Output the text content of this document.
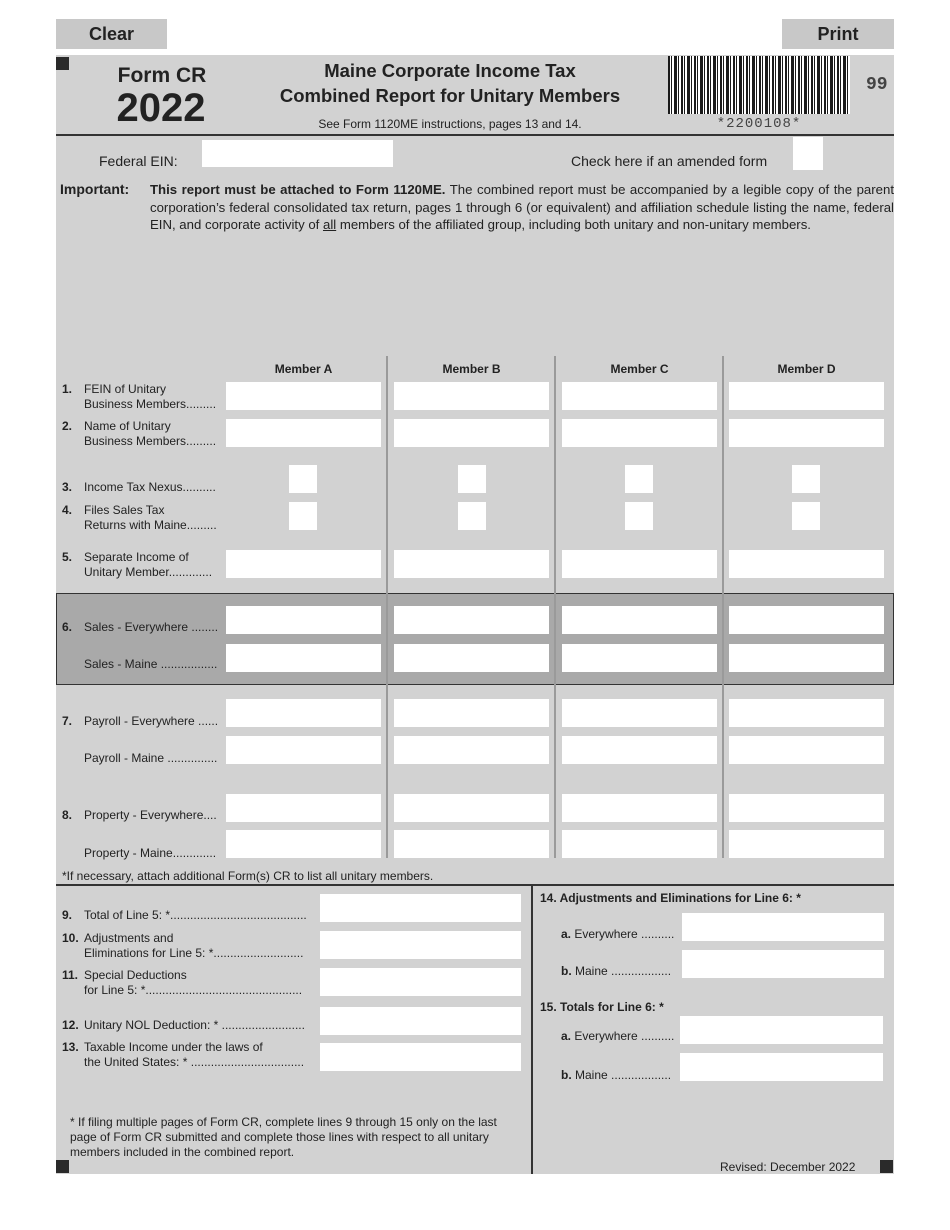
Clear	Print
Form CR
2022
Maine Corporate Income Tax
Combined Report for Unitary Members
See Form 1120ME instructions, pages 13 and 14.	*2200108*
99
Federal EIN:	Check here if an amended form
Important:	This report must be attached to Form 1120ME. The combined report must be accompanied by a legible copy of the parent corporation’s federal consolidated tax return, pages 1 through 6 (or equivalent) and affiliation schedule listing the name, federal EIN, and corporate activity of all members of the affiliated group, including both unitary and non-unitary members.
Member A	Member B	Member C	Member D
1. FEIN of Unitary
Business Members.........
2. Name of Unitary
Business Members.........
3. Income Tax Nexus..........
4. Files Sales Tax
Returns with Maine.........
5. Separate Income of
Unitary Member.............
6. Sales - Everywhere ........
Sales - Maine .................
7. Payroll - Everywhere ......
Payroll - Maine ...............
8. Property - Everywhere....
Property - Maine.............
*If necessary, attach additional Form(s) CR to list all unitary members.
9. Total of Line 5: *.........................................
10. Adjustments and
Eliminations for Line 5: *...........................
11. Special Deductions
for Line 5: *...............................................
12. Unitary NOL Deduction: * .........................
13. Taxable Income under the laws of
the United States: * ..................................
* If filing multiple pages of Form CR, complete lines 9 through 15 only on the last page of Form CR submitted and complete those lines with respect to all unitary members included in the combined report.
14. Adjustments and Eliminations for Line 6: *
a. Everywhere ..........
b. Maine ..................
15. Totals for Line 6: *
a. Everywhere ..........
b. Maine ..................
Revised: December 2022
